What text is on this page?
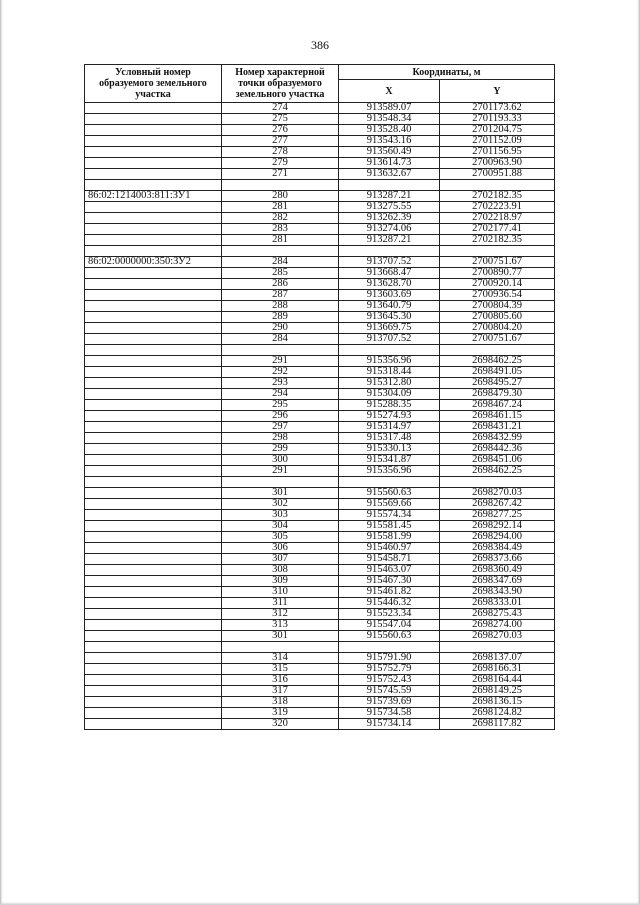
386
Условный номер образуемого земельного участка	Номер характерной точки образуемого земельного участка	Координаты, м	
		X	Y
	274	913589.07	2701173.62
	275	913548.34	2701193.33
	276	913528.40	2701204.75
	277	913543.16	2701152.09
	278	913560.49	2701156.95
	279	913614.73	2700963.90
	271	913632.67	2700951.88

86:02:1214003:811:ЗУ1	280	913287.21	2702182.35
	281	913275.55	2702223.91
	282	913262.39	2702218.97
	283	913274.06	2702177.41
	281	913287.21	2702182.35

86:02:0000000:350:ЗУ2	284	913707.52	2700751.67
	285	913668.47	2700890.77
	286	913628.70	2700920.14
	287	913603.69	2700936.54
	288	913640.79	2700804.39
	289	913645.30	2700805.60
	290	913669.75	2700804.20
	284	913707.52	2700751.67

	291	915356.96	2698462.25
	292	915318.44	2698491.05
	293	915312.80	2698495.27
	294	915304.09	2698479.30
	295	915288.35	2698467.24
	296	915274.93	2698461.15
	297	915314.97	2698431.21
	298	915317.48	2698432.99
	299	915330.13	2698442.36
	300	915341.87	2698451.06
	291	915356.96	2698462.25

	301	915560.63	2698270.03
	302	915569.66	2698267.42
	303	915574.34	2698277.25
	304	915581.45	2698292.14
	305	915581.99	2698294.00
	306	915460.97	2698384.49
	307	915458.71	2698373.66
	308	915463.07	2698360.49
	309	915467.30	2698347.69
	310	915461.82	2698343.90
	311	915446.32	2698333.01
	312	915523.34	2698275.43
	313	915547.04	2698274.00
	301	915560.63	2698270.03

	314	915791.90	2698137.07
	315	915752.79	2698166.31
	316	915752.43	2698164.44
	317	915745.59	2698149.25
	318	915739.69	2698136.15
	319	915734.58	2698124.82
	320	915734.14	2698117.82
